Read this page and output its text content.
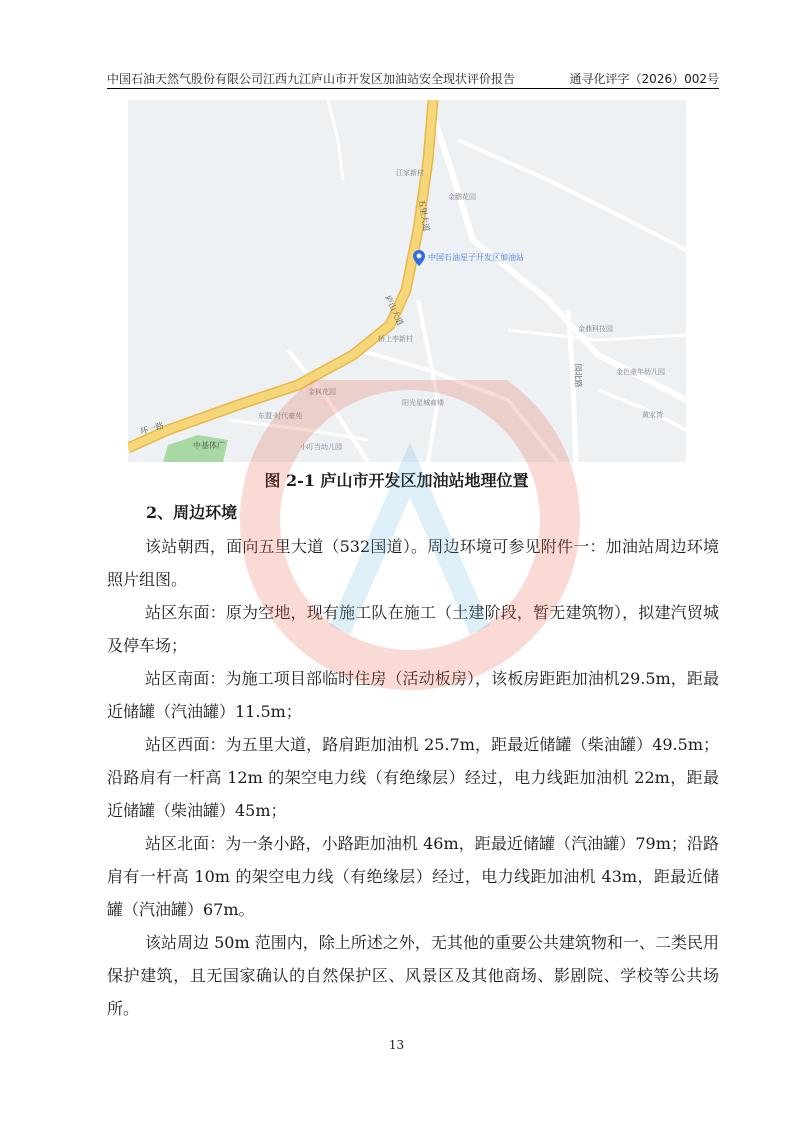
中国石油天然气股份有限公司江西九江庐山市开发区加油站安全现状评价报告	通寻化评字（2026）002号
五里大道
庐山大道
环一路
园北路
中国石油星子开发区加油站
江家新村
金鹏花园
金鼎科技园
桥上李新村
金色童年幼儿园
金枫花园
阳光星城商楼
东盟·时代豪苑	黄家湾
小叮当幼儿园
中基体广
图 2-1 庐山市开发区加油站地理位置
2、周边环境

该站朝西，面向五里大道（532国道）。周边环境可参见附件一：加油站周边环境照片组图。

站区东面：原为空地，现有施工队在施工（土建阶段，暂无建筑物），拟建汽贸城及停车场；

站区南面：为施工项目部临时住房（活动板房），该板房距距加油机29.5m，距最近储罐（汽油罐）11.5m；

站区西面：为五里大道，路肩距加油机 25.7m，距最近储罐（柴油罐）49.5m；沿路肩有一杆高 12m 的架空电力线（有绝缘层）经过，电力线距加油机 22m，距最近储罐（柴油罐）45m；

站区北面：为一条小路，小路距加油机 46m，距最近储罐（汽油罐）79m；沿路肩有一杆高 10m 的架空电力线（有绝缘层）经过，电力线距加油机 43m，距最近储罐（汽油罐）67m。

该站周边 50m 范围内，除上所述之外，无其他的重要公共建筑物和一、二类民用保护建筑，且无国家确认的自然保护区、风景区及其他商场、影剧院、学校等公共场所。

13
